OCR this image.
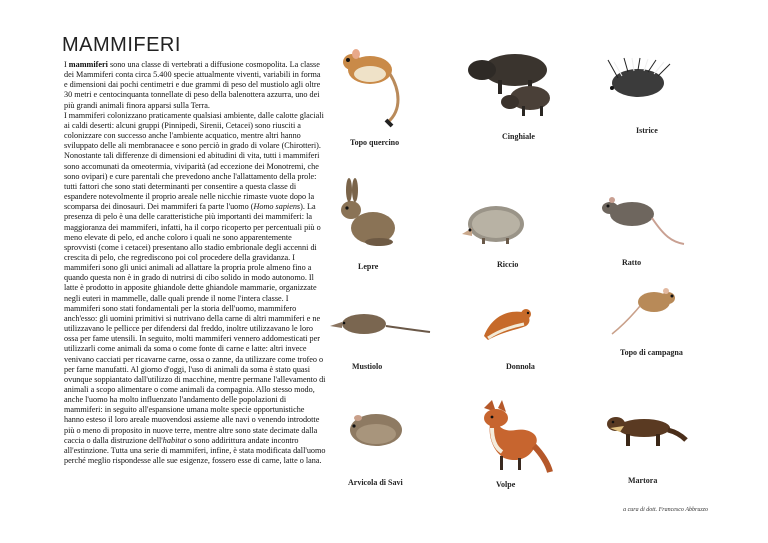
MAMMIFERI

I mammiferi sono una classe di vertebrati a diffusione cosmopolita. La classe dei Mammiferi conta circa 5.400 specie attualmente viventi, variabili in forma e dimensioni dai pochi centimetri e due grammi di peso del mustiolo agli oltre 30 metri e centocinquanta tonnellate di peso della balenottera azzurra, uno dei più grandi animali finora apparsi sulla Terra.

I mammiferi colonizzano praticamente qualsiasi ambiente, dalle calotte glaciali ai caldi deserti: alcuni gruppi (Pinnipedi, Sirenii, Cetacei) sono riusciti a colonizzare con successo anche l'ambiente acquatico, mentre altri hanno sviluppato delle ali membranacee e sono perciò in grado di volare (Chirotteri). Nonostante tali differenze di dimensioni ed abitudini di vita, tutti i mammiferi sono accomunati da omeotermia, viviparità (ad eccezione dei Monotremi, che sono ovipari) e cure parentali che prevedono anche l'allattamento della prole: tutti fattori che sono stati determinanti per consentire a questa classe di espandere notevolmente il proprio areale nelle nicchie rimaste vuote dopo la scomparsa dei dinosauri. Dei mammiferi fa parte l'uomo (Homo sapiens). La presenza di pelo è una delle caratteristiche più importanti dei mammiferi: la maggioranza dei mammiferi, infatti, ha il corpo ricoperto per percentuali più o meno elevate di pelo, ed anche coloro i quali ne sono apparentemente sprovvisti (come i cetacei) presentano allo stadio embrionale degli accenni di crescita di pelo, che regrediscono poi col procedere della gravidanza. I mammiferi sono gli unici animali ad allattare la propria prole almeno fino a quando questa non è in grado di nutrirsi di cibo solido in modo autonomo. Il latte è prodotto in apposite ghiandole dette ghiandole mammarie, organizzate negli euteri in mammelle, dalle quali prende il nome l'intera classe. I mammiferi sono stati fondamentali per la storia dell'uomo, mammifero anch'esso: gli uomini primitivi si nutrivano della carne di altri mammiferi e ne utilizzavano le pellicce per difendersi dal freddo, inoltre utilizzavano le loro ossa per fame utensili. In seguito, molti mammiferi vennero addomesticati per utilizzarli come animali da soma o come fonte di carne e latte: altri invece venivano cacciati per ricavarne carne, ossa o zanne, da utilizzare come trofeo o per farne manufatti. Al giorno d'oggi, l'uso di animali da soma è stato quasi ovunque soppiantato dall'utilizzo di macchine, mentre permane l'allevamento di animali a scopo alimentare o come animali da compagnia. Allo stesso modo, anche l'uomo ha molto influenzato l'andamento delle popolazioni di mammiferi: in seguito all'espansione umana molte specie opportunistiche hanno esteso il loro areale muovendosi assieme alle navi o venendo introdotte più o meno di proposito in nuove terre, mentre altre sono state decimate dalla caccia o dalla distruzione dell'habitat o sono addirittura andate incontro all'estinzione. Tutta una serie di mammiferi, infine, è stata modificata dall'uomo perché meglio rispondesse alle sue esigenze, fossero esse di carne, latte o lana.

Topo quercino
Cinghiale
Istrice
Lepre	Riccio	Ratto
Topo di campagna
Mustiolo	Donnola
Arvicola di Savi	Volpe	Martora
a cura di dott. Francesco Abbruzzo
